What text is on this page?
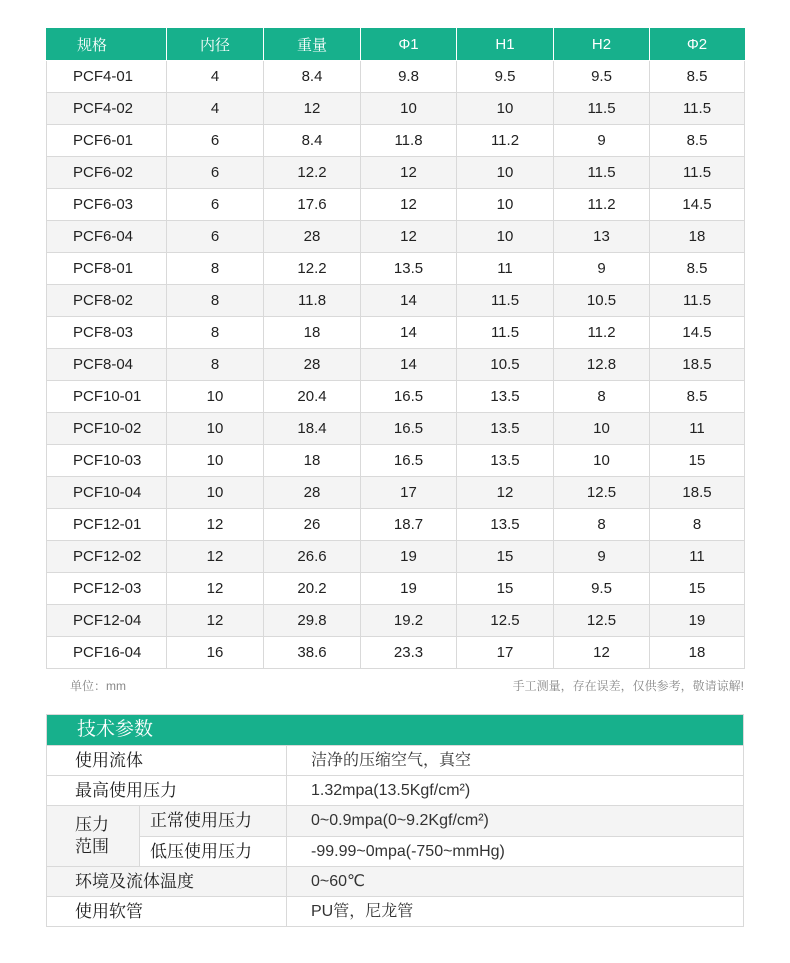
规格	内径	重量	Φ1	H1	H2	Φ2
PCF4-01	4	8.4	9.8	9.5	9.5	8.5
PCF4-02	4	12	10	10	11.5	11.5
PCF6-01	6	8.4	11.8	11.2	9	8.5
PCF6-02	6	12.2	12	10	11.5	11.5
PCF6-03	6	17.6	12	10	11.2	14.5
PCF6-04	6	28	12	10	13	18
PCF8-01	8	12.2	13.5	11	9	8.5
PCF8-02	8	11.8	14	11.5	10.5	11.5
PCF8-03	8	18	14	11.5	11.2	14.5
PCF8-04	8	28	14	10.5	12.8	18.5
PCF10-01	10	20.4	16.5	13.5	8	8.5
PCF10-02	10	18.4	16.5	13.5	10	11
PCF10-03	10	18	16.5	13.5	10	15
PCF10-04	10	28	17	12	12.5	18.5
PCF12-01	12	26	18.7	13.5	8	8
PCF12-02	12	26.6	19	15	9	11
PCF12-03	12	20.2	19	15	9.5	15
PCF12-04	12	29.8	19.2	12.5	12.5	19
PCF16-04	16	38.6	23.3	17	12	18
单位：mm	手工测量，存在误差，仅供参考，敬请谅解!
技术参数
使用流体	洁净的压缩空气，真空
最高使用压力	1.32mpa(13.5Kgf/cm²)
压力
范围
正常使用压力	0~0.9mpa(0~9.2Kgf/cm²)
低压使用压力	-99.99~0mpa(-750~mmHg)
环境及流体温度	0~60℃
使用软管	PU管，尼龙管
